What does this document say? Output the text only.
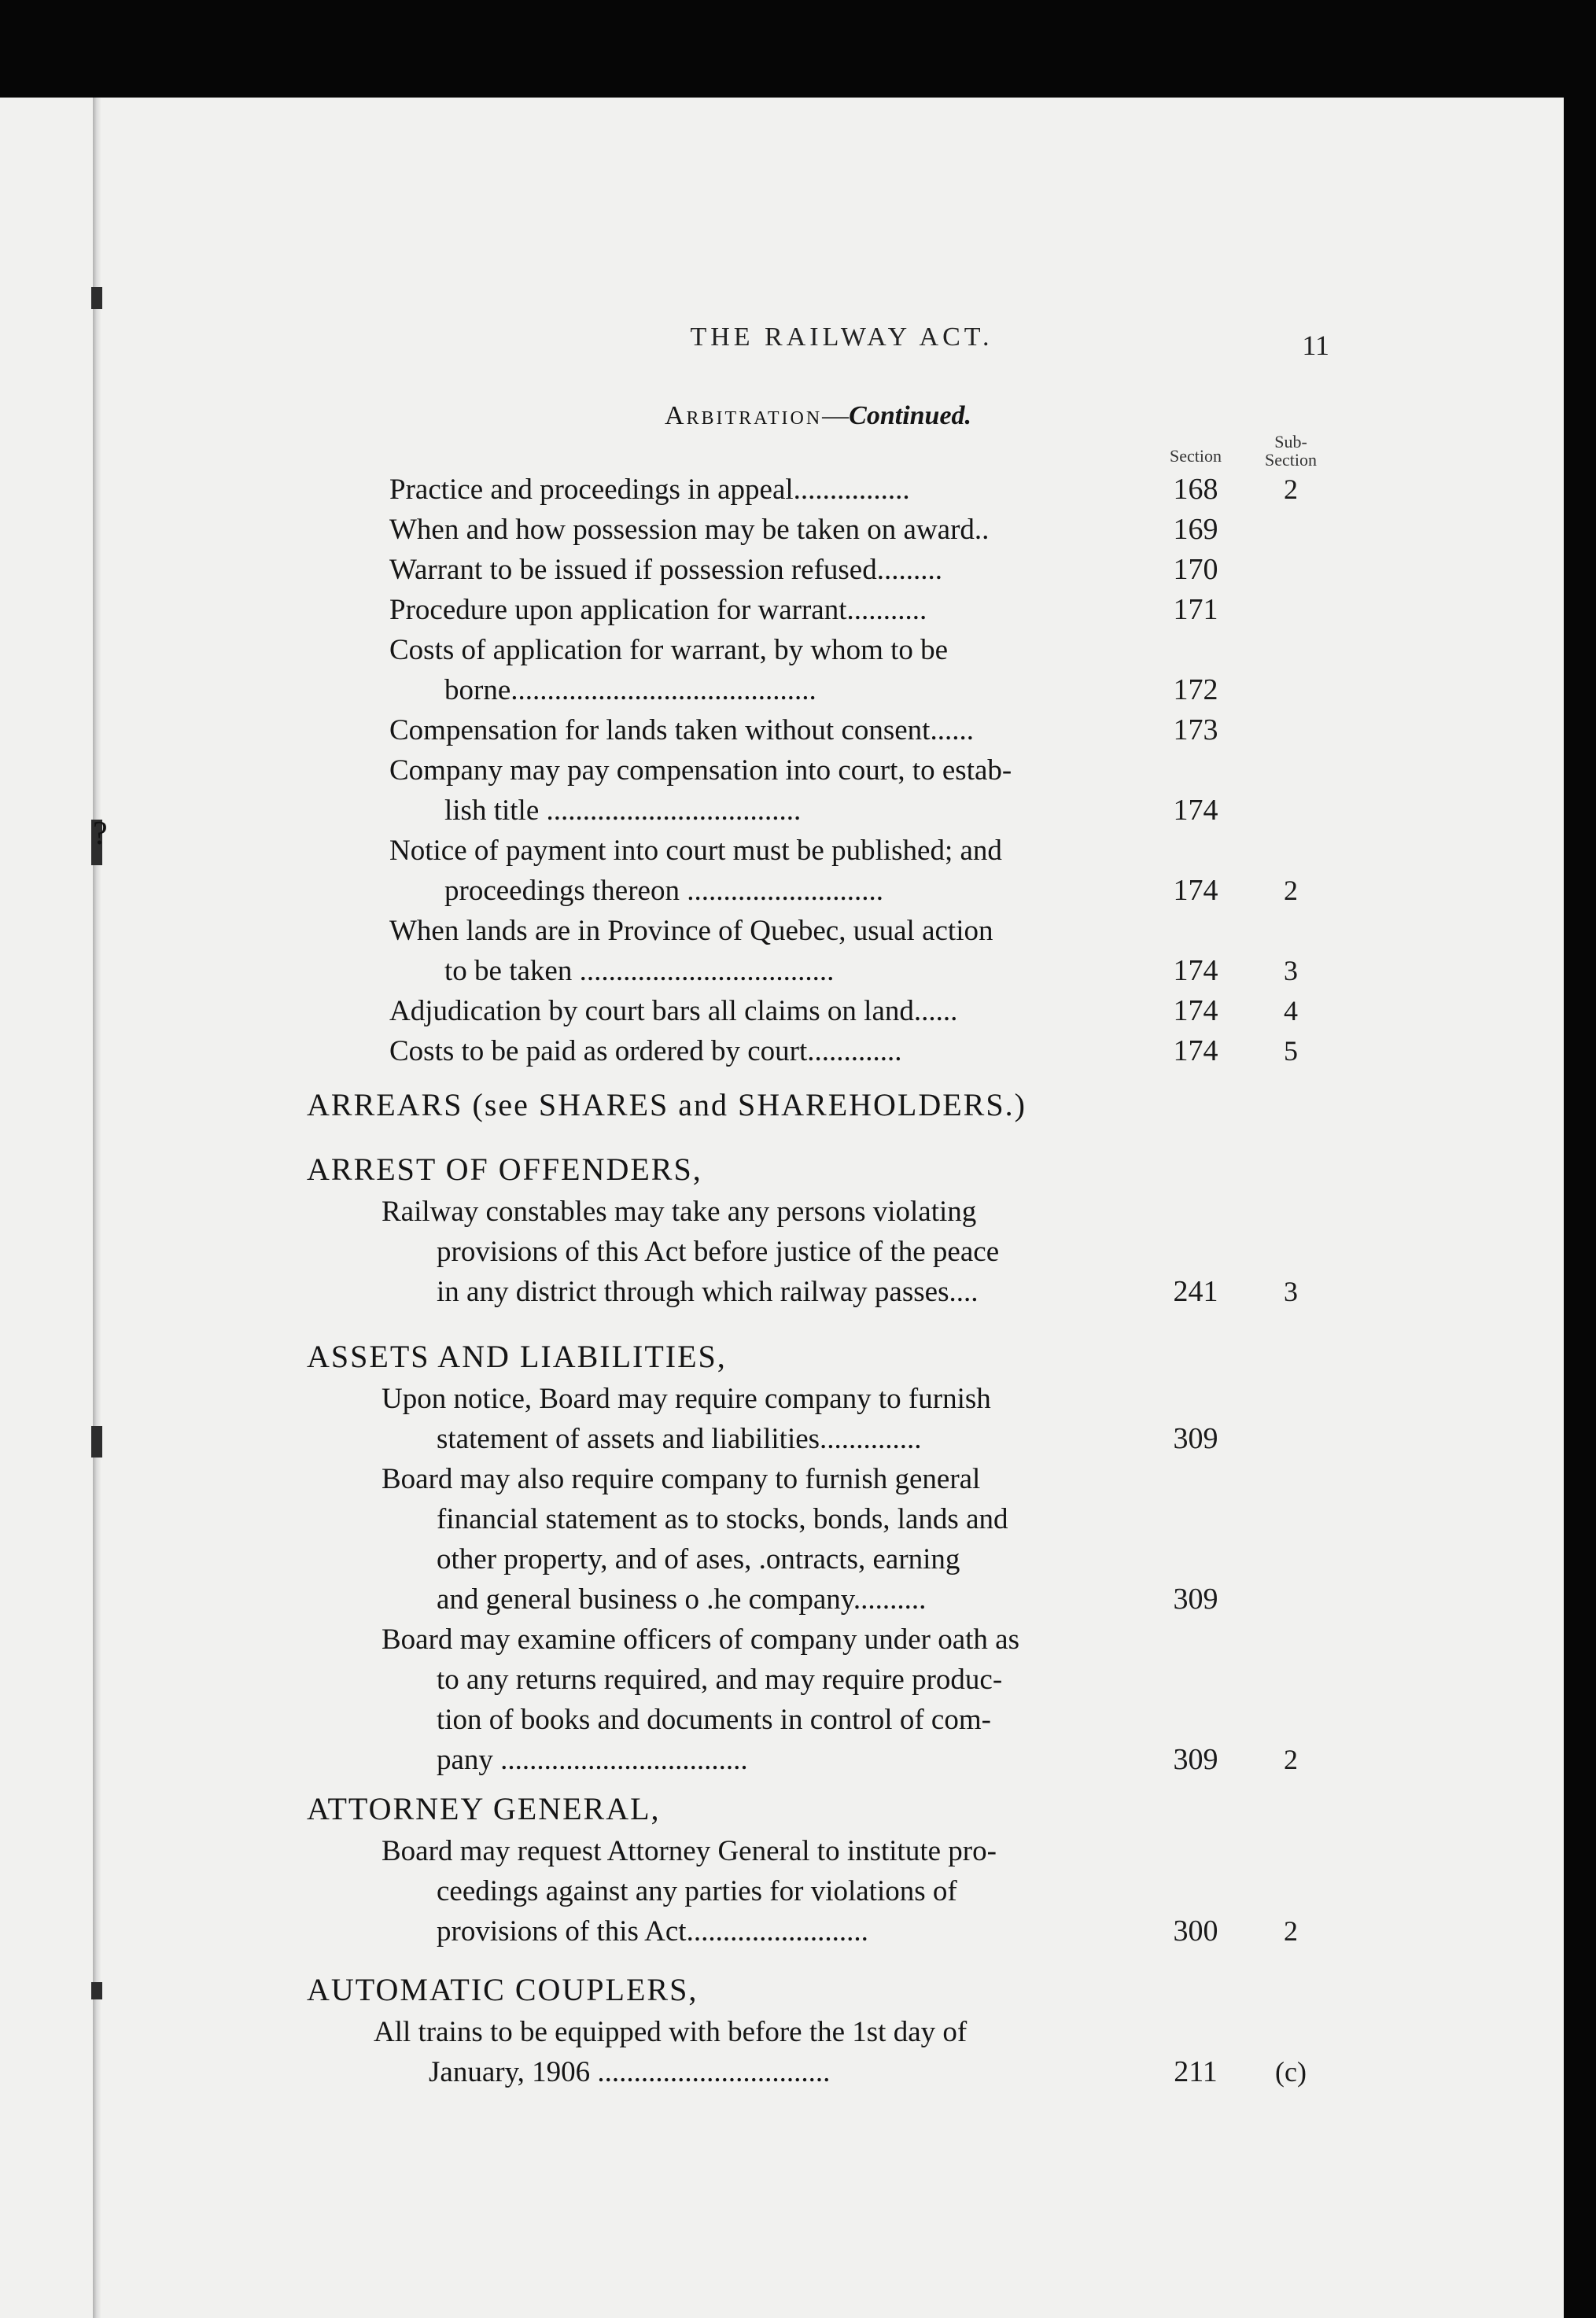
?
THE RAILWAY ACT.	11
Arbitration—Continued.
Section
Sub-
Section
Practice and proceedings in appeal................	168	2
When and how possession may be taken on award..	169
Warrant to be issued if possession refused.........	170
Procedure upon application for warrant...........	171
Costs of application for warrant, by whom to be
borne..........................................	172
Compensation for lands taken without consent......	173
Company may pay compensation into court, to estab-
lish title ...................................	174
Notice of payment into court must be published; and
proceedings thereon ...........................	174	2
When lands are in Province of Quebec, usual action
to be taken ...................................	174	3
Adjudication by court bars all claims on land......	174	4
Costs to be paid as ordered by court.............	174	5
ARREARS (see SHARES and SHAREHOLDERS.)
ARREST OF OFFENDERS,
Railway constables may take any persons violating
provisions of this Act before justice of the peace
in any district through which railway passes....	241	3
ASSETS AND LIABILITIES,
Upon notice, Board may require company to furnish
statement of assets and liabilities..............	309
Board may also require company to furnish general
financial statement as to stocks, bonds, lands and
other property, and of ases, .ontracts, earning
and general business o .he company..........	309
Board may examine officers of company under oath as
to any returns required, and may require produc-
tion of books and documents in control of com-
pany ..................................	309	2
ATTORNEY GENERAL,
Board may request Attorney General to institute pro-
ceedings against any parties for violations of
provisions of this Act.........................	300	2
AUTOMATIC COUPLERS,
All trains to be equipped with before the 1st day of
January, 1906 ................................	211	(c)
